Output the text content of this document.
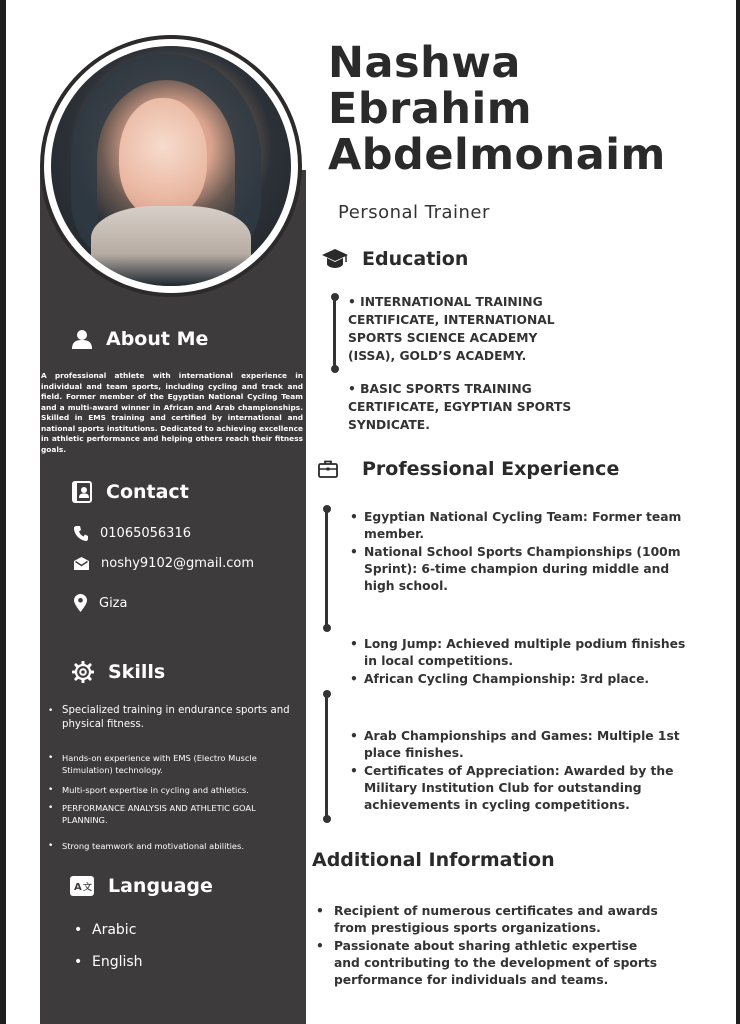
Nashwa
Ebrahim
Abdelmonaim
Personal Trainer
About Me
A professional athlete with international experience in individual and team sports, including cycling and track and field. Former member of the Egyptian National Cycling Team and a multi-award winner in African and Arab championships. Skilled in EMS training and certified by international and national sports institutions. Dedicated to achieving excellence in athletic performance and helping others reach their fitness goals.
Contact
01065056316
noshy9102@gmail.com
Giza
Skills
• Specialized training in endurance sports and physical fitness.
• Hands-on experience with EMS (Electro Muscle Stimulation) technology.
• Multi-sport expertise in cycling and athletics.
• PERFORMANCE ANALYSIS AND ATHLETIC GOAL PLANNING.
• Strong teamwork and motivational abilities.
A 文 Language
• Arabic
• English
Education
• INTERNATIONAL TRAINING CERTIFICATE, INTERNATIONAL SPORTS SCIENCE ACADEMY (ISSA), GOLD’S ACADEMY.
• BASIC SPORTS TRAINING CERTIFICATE, EGYPTIAN SPORTS SYNDICATE.
Professional Experience
• Egyptian National Cycling Team: Former team member.
• National School Sports Championships (100m Sprint): 6-time champion during middle and high school.
• Long Jump: Achieved multiple podium finishes in local competitions.
• African Cycling Championship: 3rd place.
• Arab Championships and Games: Multiple 1st place finishes.
• Certificates of Appreciation: Awarded by the Military Institution Club for outstanding achievements in cycling competitions.
Additional Information
• Recipient of numerous certificates and awards from prestigious sports organizations.
• Passionate about sharing athletic expertise and contributing to the development of sports performance for individuals and teams.
